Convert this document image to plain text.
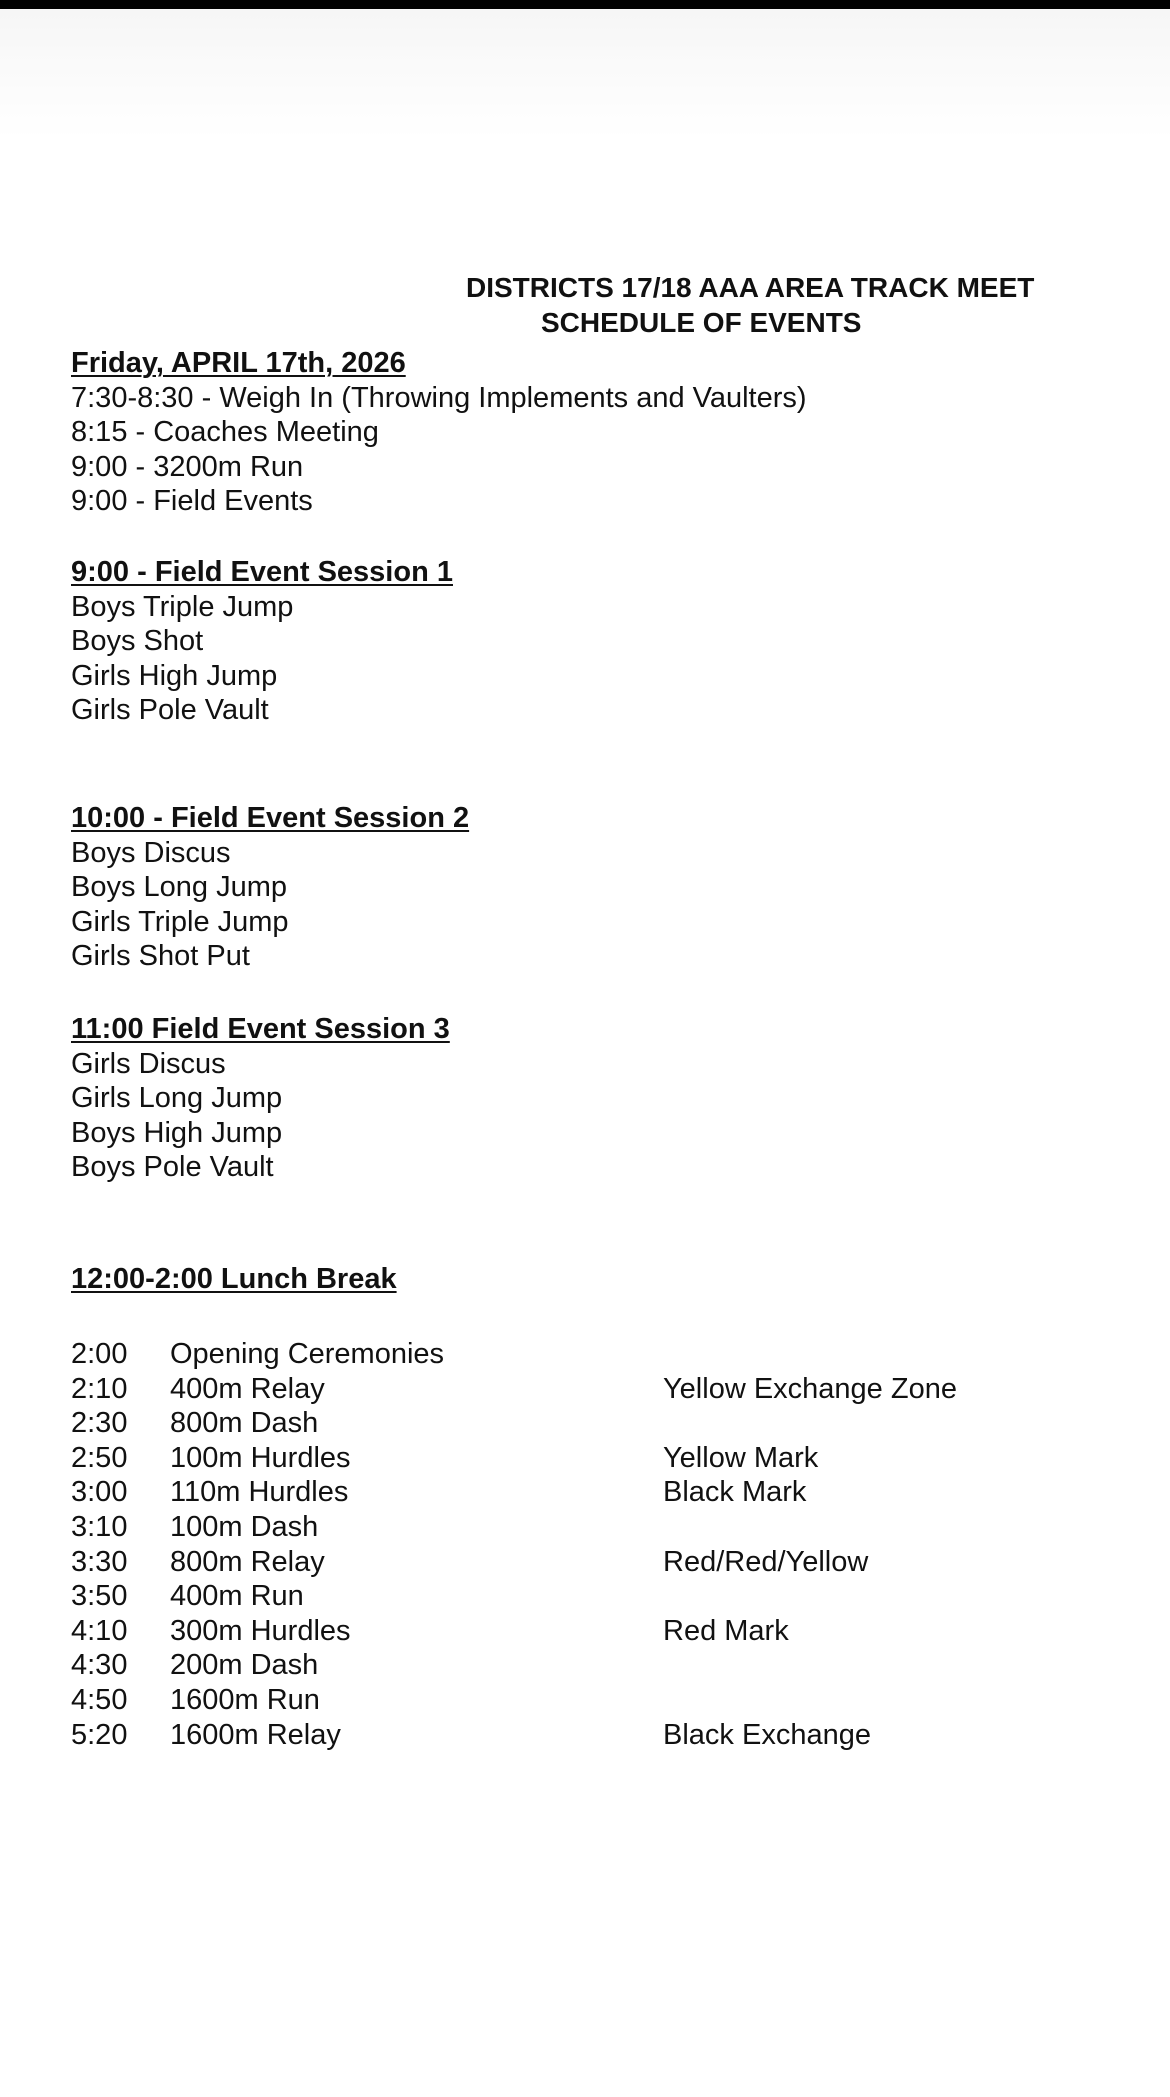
DISTRICTS 17/18 AAA AREA TRACK MEET
SCHEDULE OF EVENTS
Friday, APRIL 17th, 2026
7:30-8:30 - Weigh In (Throwing Implements and Vaulters)
8:15 - Coaches Meeting
9:00 - 3200m Run
9:00 - Field Events
9:00 - Field Event Session 1
Boys Triple Jump
Boys Shot
Girls High Jump
Girls Pole Vault
10:00 - Field Event Session 2
Boys Discus
Boys Long Jump
Girls Triple Jump
Girls Shot Put
11:00 Field Event Session 3
Girls Discus
Girls Long Jump
Boys High Jump
Boys Pole Vault
12:00-2:00 Lunch Break
2:00 Opening Ceremonies
2:10 400m Relay	Yellow Exchange Zone
2:30 800m Dash
2:50 100m Hurdles	Yellow Mark
3:00 110m Hurdles	Black Mark
3:10 100m Dash
3:30 800m Relay	Red/Red/Yellow
3:50 400m Run
4:10 300m Hurdles	Red Mark
4:30 200m Dash
4:50 1600m Run
5:20 1600m Relay	Black Exchange
